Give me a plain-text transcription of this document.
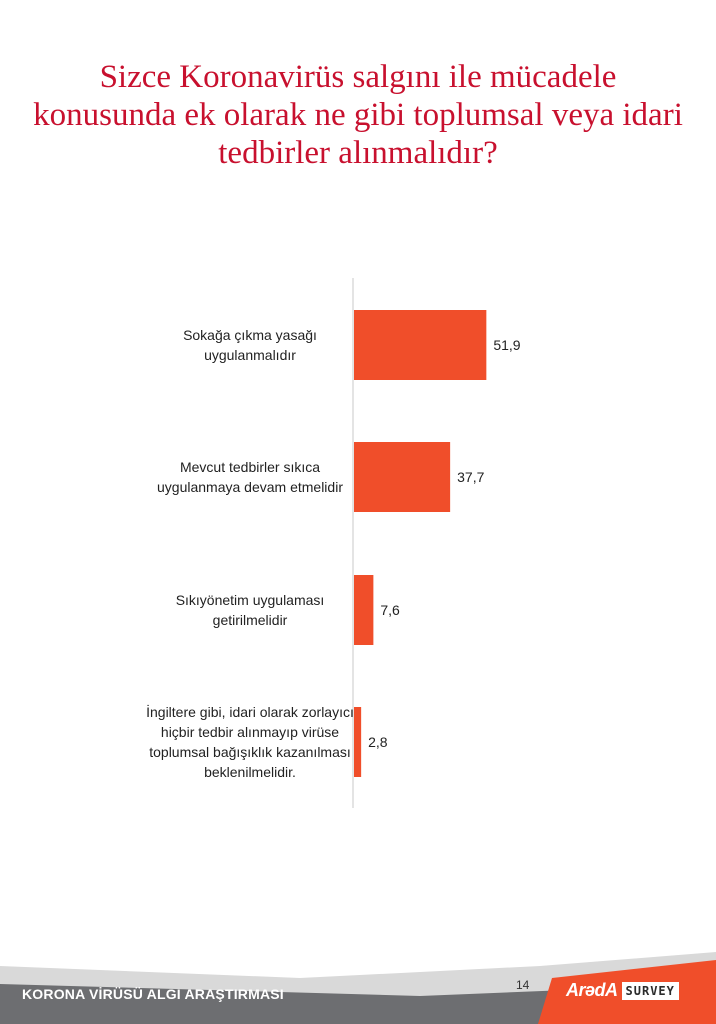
Sizce Koronavirüs salgını ile mücadele konusunda ek olarak ne gibi toplumsal veya idari tedbirler alınmalıdır?
51,9
Sokağa çıkma yasağı uygulanmalıdır
37,7
Mevcut tedbirler sıkıca uygulanmaya devam etmelidir
7,6
Sıkıyönetim uygulaması getirilmelidir
2,8
İngiltere gibi, idari olarak zorlayıcı hiçbir tedbir alınmayıp virüse toplumsal bağışıklık kazanılması beklenilmelidir.
KORONA VİRÜSÜ ALGI ARAŞTIRMASI
14 ArədA SURVEY
